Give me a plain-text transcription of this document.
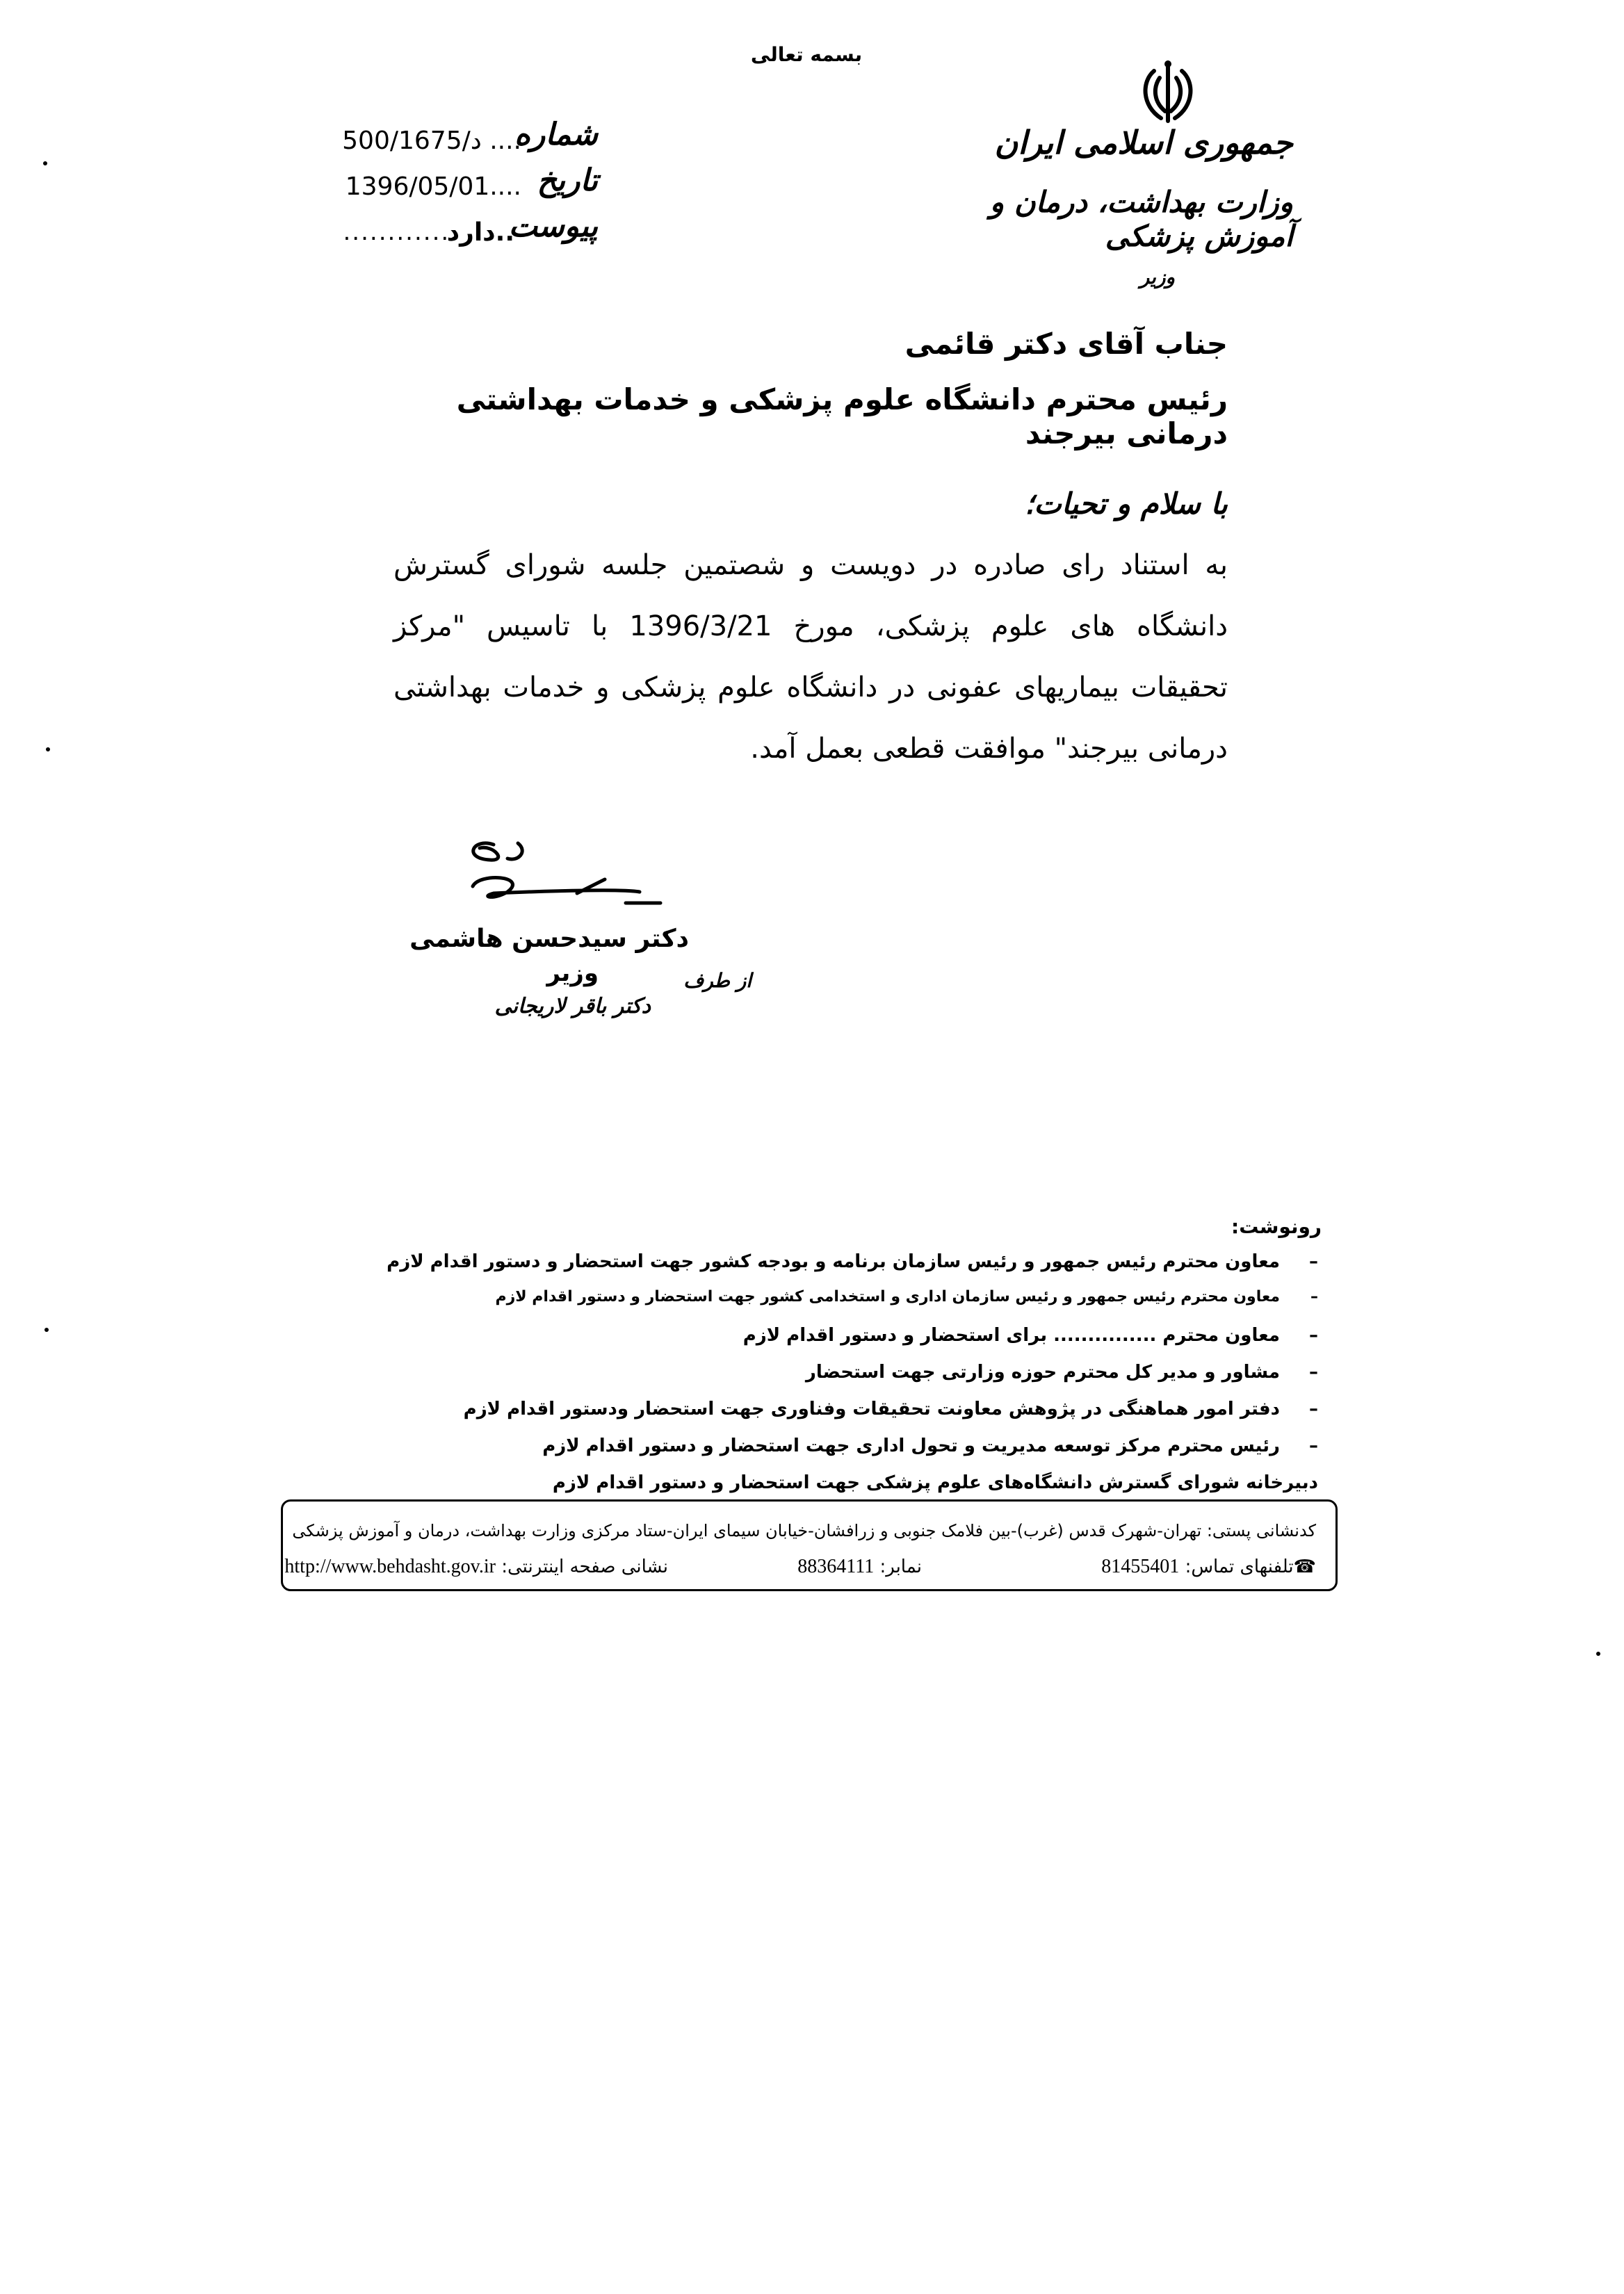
بسمه تعالی
شماره
د/500/1675 ....
تاریخ
1396/05/01....
پیوست
..دارد
.............
جمهوری اسلامی ایران
وزارت بهداشت، درمان و آموزش پزشکی
وزیر
جناب آقای دکتر قائمی
رئیس محترم دانشگاه علوم پزشکی و خدمات بهداشتی درمانی بیرجند
با سلام و تحیات؛
به استناد رای صادره در دویست و شصتمین جلسه شورای گسترش دانشگاه های علوم پزشکی، مورخ 1396/3/21 با تاسیس "مرکز تحقیقات بیماریهای عفونی در دانشگاه علوم پزشکی و خدمات بهداشتی درمانی بیرجند" موافقت قطعی بعمل آمد.
دکتر سیدحسن هاشمی
وزیر	از طرف
دکتر باقر لاریجانی
رونوشت:
–
معاون محترم رئیس جمهور و رئیس سازمان برنامه و بودجه کشور جهت استحضار و دستور اقدام لازم
–
معاون محترم رئیس جمهور و رئیس سازمان اداری و استخدامی کشور جهت استحضار و دستور اقدام لازم
–
معاون محترم ............... برای استحضار و دستور اقدام لازم
–
مشاور و مدیر کل محترم حوزه وزارتی جهت استحضار
–
دفتر امور هماهنگی در پژوهش معاونت تحقیقات وفناوری جهت استحضار ودستور اقدام لازم
–
رئیس محترم مرکز توسعه مدیریت و تحول اداری جهت استحضار و دستور اقدام لازم
دبیرخانه شورای گسترش دانشگاه‌های علوم پزشکی جهت استحضار و دستور اقدام لازم
کدنشانی پستی: تهران-شهرک قدس (غرب)-بین فلامک جنوبی و زرافشان-خیابان سیمای ایران-ستاد مرکزی وزارت بهداشت، درمان و آموزش پزشکی
☎تلفنهای تماس: 81455401
نمابر: 88364111
نشانی صفحه اینترنتی: http://www.behdasht.gov.ir
